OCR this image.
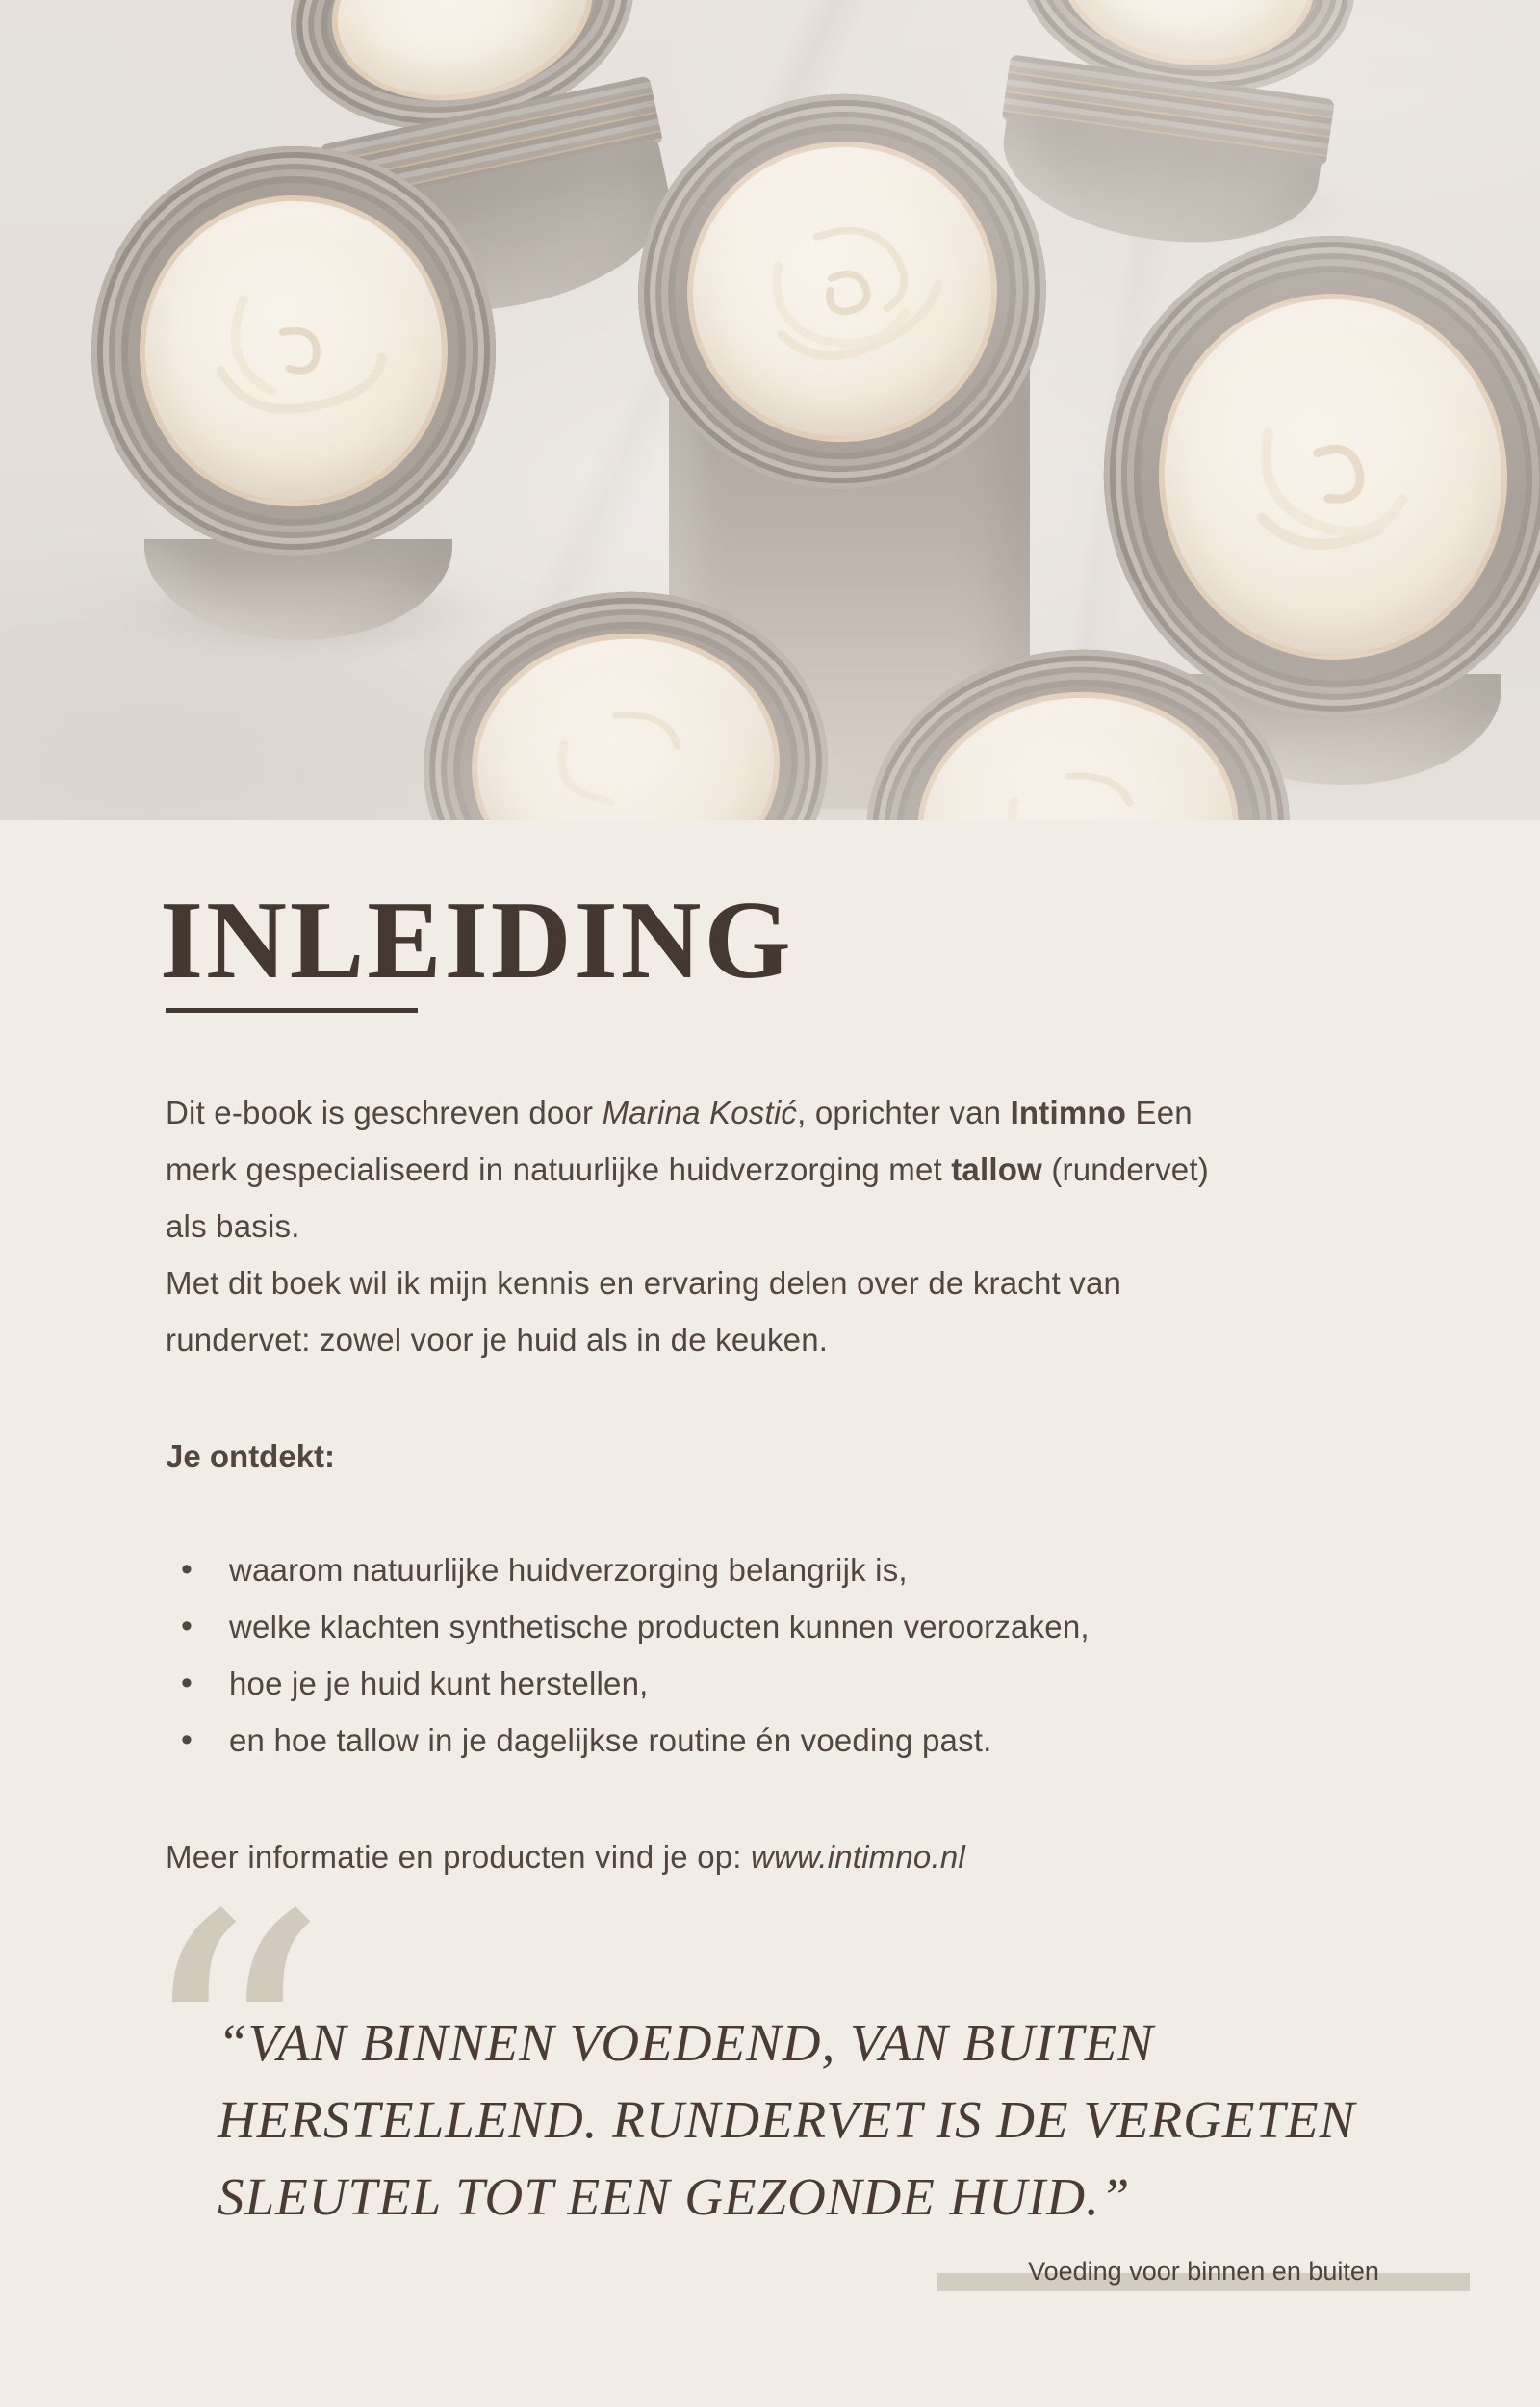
INLEIDING

Dit e-book is geschreven door Marina Kostić, oprichter van Intimno Een
merk gespecialiseerd in natuurlijke huidverzorging met tallow (rundervet)
als basis.
Met dit boek wil ik mijn kennis en ervaring delen over de kracht van
rundervet: zowel voor je huid als in de keuken.

Je ontdekt:

• waarom natuurlijke huidverzorging belangrijk is,
• welke klachten synthetische producten kunnen veroorzaken,
• hoe je je huid kunt herstellen,
• en hoe tallow in je dagelijkse routine én voeding past.

Meer informatie en producten vind je op: www.intimno.nl

“
“VAN BINNEN VOEDEND, VAN BUITEN
HERSTELLEND. RUNDERVET IS DE VERGETEN
SLEUTEL TOT EEN GEZONDE HUID.”
Voeding voor binnen en buiten
